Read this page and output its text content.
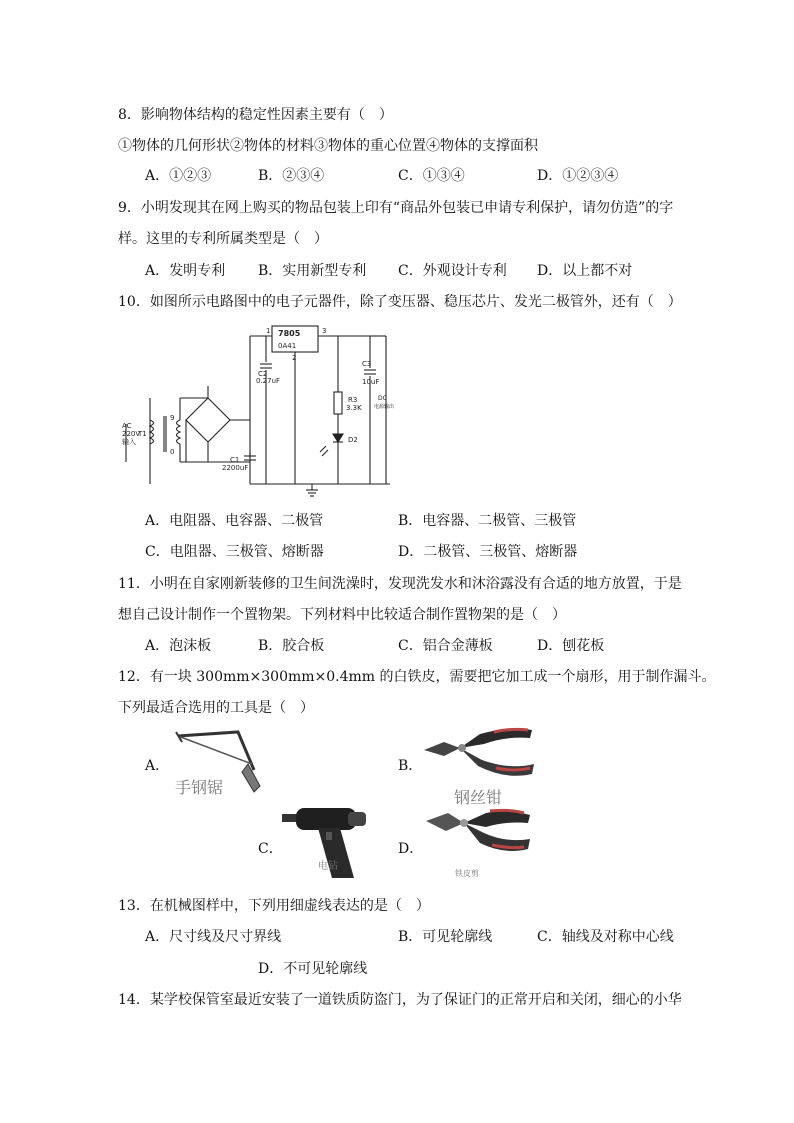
8．影响物体结构的稳定性因素主要有（　）
①物体的几何形状②物体的材料③物体的重心位置④物体的支撑面积
A．①②③	B．②③④	C．①③④	D．①②③④
9．小明发现其在网上购买的物品包装上印有“商品外包装已申请专利保护，请勿仿造”的字
样。这里的专利所属类型是（　）
A．发明专利 B．实用新型专利 C．外观设计专利 D．以上都不对
10．如图所示电路图中的电子元器件，除了变压器、稳压芯片、发光二极管外，还有（　）
7805
0A41
1
2
3
AC
220V
输入
T1
9
0
C1
2200uF
C2
0.27uF
R3
3.3K
D2
C3
10uF
DC
电源输出
A．电阻器、电容器、二极管	B．电容器、二极管、三极管
C．电阻器、三极管、熔断器	D．二极管、三极管、熔断器
11．小明在自家刚新装修的卫生间洗澡时，发现洗发水和沐浴露没有合适的地方放置，于是
想自己设计制作一个置物架。下列材料中比较适合制作置物架的是（　）
A．泡沫板	B．胶合板	C．铝合金薄板	D．刨花板
12．有一块 300mm×300mm×0.4mm 的白铁皮，需要把它加工成一个扇形，用于制作漏斗。
下列最适合选用的工具是（　）
A．	B．
C．	D．
手钢锯
钢丝钳
电钻
铁皮剪
13．在机械图样中，下列用细虚线表达的是（　）
A．尺寸线及尺寸界线	B．可见轮廓线	C．轴线及对称中心线
D．不可见轮廓线
14．某学校保管室最近安装了一道铁质防盗门，为了保证门的正常开启和关闭，细心的小华
